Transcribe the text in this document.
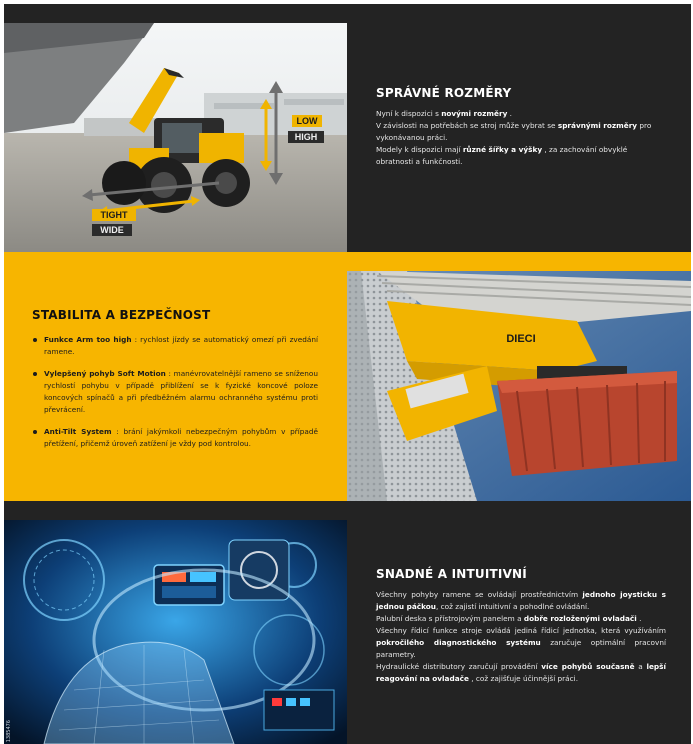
LOW
HIGH
TIGHT
WIDE
SPRÁVNÉ ROZMĚRY

Nyní k dispozici s novými rozměry .

V závislosti na potřebách se stroj může vybrat se správnými rozměry pro vykonávanou práci.

Modely k dispozici mají různé šířky a výšky , za zachování obvyklé obratnosti a funkčnosti.

STABILITA A BEZPEČNOST
Funkce Arm too high : rychlost jízdy se automatický omezí při zvedání ramene.
Vylepšený pohyb Soft Motion : manévrovatelnější rameno se sníženou rychlostí pohybu v případě přiblížení se k fyzické koncové poloze koncových spínačů a při předběžném alarmu ochranného systému proti převrácení.
Anti-Tilt System : brání jakýmkoli nebezpečným pohybům v případě přetížení, přičemž úroveň zatížení je vždy pod kontrolou.
DIECI
1385476
SNADNÉ A INTUITIVNÍ

Všechny pohyby ramene se ovládají prostřednictvím jednoho joysticku s jednou páčkou, což zajistí intuitivní a pohodlné ovládání.

Palubní deska s přístrojovým panelem a dobře rozloženými ovladači .

Všechny řídicí funkce stroje ovládá jediná řídicí jednotka, která využíváním pokročilého diagnostického systému zaručuje optimální pracovní parametry.

Hydraulické distributory zaručují provádění více pohybů současně a lepší reagování na ovladače , což zajišťuje účinnější práci.
